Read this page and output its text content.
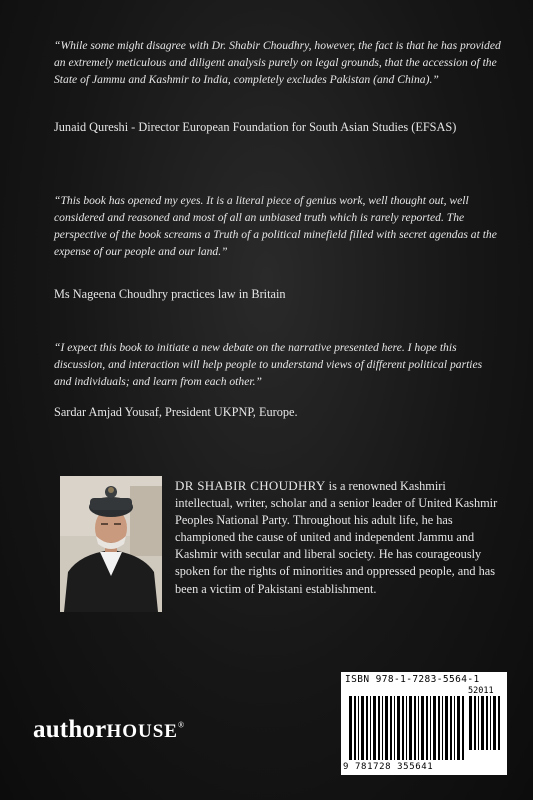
“While some might disagree with Dr. Shabir Choudhry, however, the fact is that he has provided an extremely meticulous and diligent analysis purely on legal grounds, that the accession of the State of Jammu and Kashmir to India, completely excludes Pakistan (and China).”
Junaid Qureshi - Director European Foundation for South Asian Studies (EFSAS)
“This book has opened my eyes. It is a literal piece of genius work, well thought out, well considered and reasoned and most of all an unbiased truth which is rarely reported. The perspective of the book screams a Truth of a political minefield filled with secret agendas at the expense of our people and our land.”
Ms Nageena Choudhry practices law in Britain
“I expect this book to initiate a new debate on the narrative presented here. I hope this discussion, and interaction will help people to understand views of different political parties and individuals; and learn from each other.”
Sardar Amjad Yousaf, President UKPNP, Europe.
DR SHABIR CHOUDHRY is a renowned Kashmiri intellectual, writer, scholar and a senior leader of United Kashmir Peoples National Party. Throughout his adult life, he has championed the cause of united and independent Jammu and Kashmir with secular and liberal society. He has courageously spoken for the rights of minorities and oppressed people, and has been a victim of Pakistani establishment.
authorHOUSE®
ISBN 978-1-7283-5564-1
52011
9 781728 355641
